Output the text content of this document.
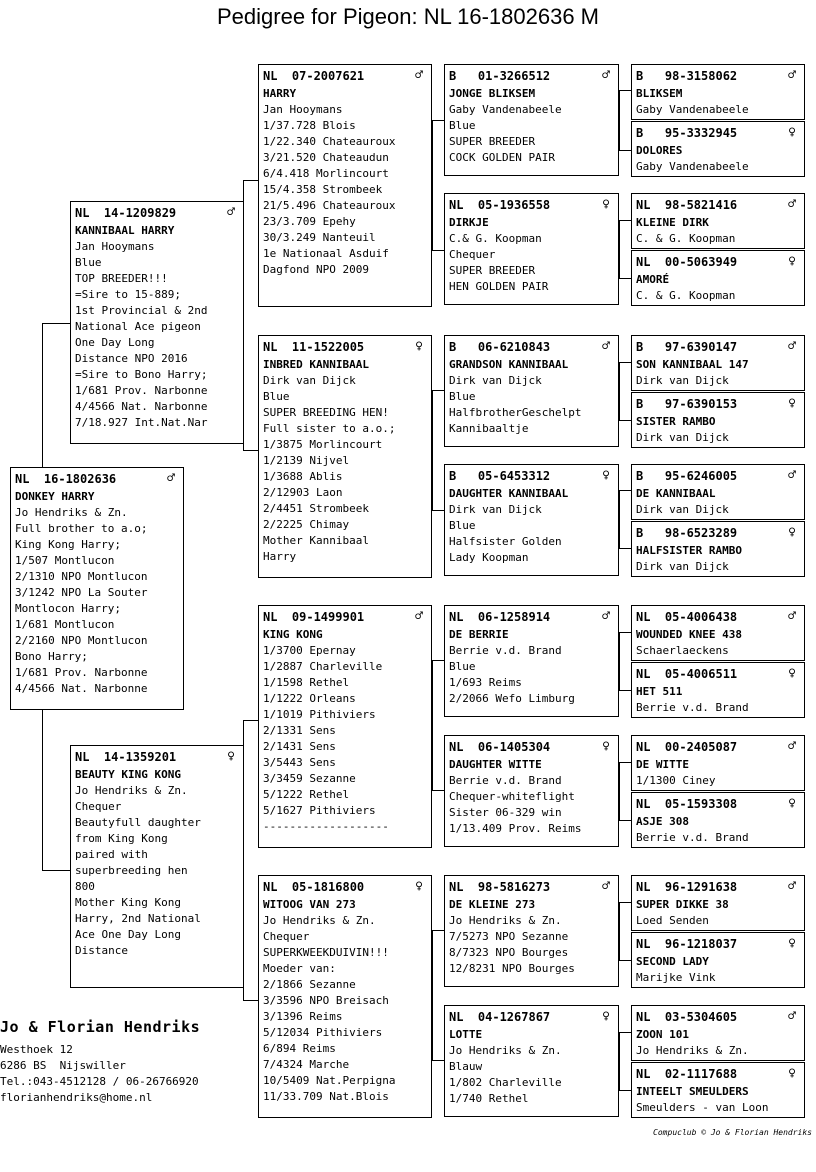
Pedigree for Pigeon: NL 16-1802636 M
NL  16-1802636	♂
DONKEY HARRY
Jo Hendriks & Zn.
Full brother to a.o;
King Kong Harry;
1/507 Montlucon
2/1310 NPO Montlucon
3/1242 NPO La Souter
Montlocon Harry;
1/681 Montlucon
2/2160 NPO Montlucon
Bono Harry;
1/681 Prov. Narbonne
4/4566 Nat. Narbonne
NL  14-1209829	♂
KANNIBAAL HARRY
Jan Hooymans
Blue
TOP BREEDER!!!
=Sire to 15-889;
1st Provincial & 2nd
National Ace pigeon
One Day Long
Distance NPO 2016
=Sire to Bono Harry;
1/681 Prov. Narbonne
4/4566 Nat. Narbonne
7/18.927 Int.Nat.Nar
NL  14-1359201	♀
BEAUTY KING KONG
Jo Hendriks & Zn.
Chequer
Beautyfull daughter
from King Kong
paired with
superbreeding hen
800
Mother King Kong
Harry, 2nd National
Ace One Day Long
Distance
NL  07-2007621	♂
HARRY
Jan Hooymans
1/37.728 Blois
1/22.340 Chateauroux
3/21.520 Chateaudun
6/4.418 Morlincourt
15/4.358 Strombeek
21/5.496 Chateauroux
23/3.709 Epehy
30/3.249 Nanteuil
1e Nationaal Asduif
Dagfond NPO 2009
NL  11-1522005	♀
INBRED KANNIBAAL
Dirk van Dijck
Blue
SUPER BREEDING HEN!
Full sister to a.o.;
1/3875 Morlincourt
1/2139 Nijvel
1/3688 Ablis
2/12903 Laon
2/4451 Strombeek
2/2225 Chimay
Mother Kannibaal
Harry
NL  09-1499901	♂
KING KONG
1/3700 Epernay
1/2887 Charleville
1/1598 Rethel
1/1222 Orleans
1/1019 Pithiviers
2/1331 Sens
2/1431 Sens
3/5443 Sens
3/3459 Sezanne
5/1222 Rethel
5/1627 Pithiviers
-------------------
NL  05-1816800	♀
WITOOG VAN 273
Jo Hendriks & Zn.
Chequer
SUPERKWEEKDUIVIN!!!
Moeder van:
2/1866 Sezanne
3/3596 NPO Breisach
3/1396 Reims
5/12034 Pithiviers
6/894 Reims
7/4324 Marche
10/5409 Nat.Perpigna
11/33.709 Nat.Blois
B   01-3266512	♂
JONGE BLIKSEM
Gaby Vandenabeele
Blue
SUPER BREEDER
COCK GOLDEN PAIR
NL  05-1936558	♀
DIRKJE
C.& G. Koopman
Chequer
SUPER BREEDER
HEN GOLDEN PAIR
B   06-6210843	♂
GRANDSON KANNIBAAL
Dirk van Dijck
Blue
HalfbrotherGeschelpt
Kannibaaltje
B   05-6453312	♀
DAUGHTER KANNIBAAL
Dirk van Dijck
Blue
Halfsister Golden
Lady Koopman
NL  06-1258914	♂
DE BERRIE
Berrie v.d. Brand
Blue
1/693 Reims
2/2066 Wefo Limburg
NL  06-1405304	♀
DAUGHTER WITTE
Berrie v.d. Brand
Chequer-whiteflight
Sister 06-329 win
1/13.409 Prov. Reims
NL  98-5816273	♂
DE KLEINE 273
Jo Hendriks & Zn.
7/5273 NPO Sezanne
8/7323 NPO Bourges
12/8231 NPO Bourges
NL  04-1267867	♀
LOTTE
Jo Hendriks & Zn.
Blauw
1/802 Charleville
1/740 Rethel
B   98-3158062	♂
BLIKSEM
Gaby Vandenabeele
B   95-3332945	♀
DOLORES
Gaby Vandenabeele
NL  98-5821416	♂
KLEINE DIRK
C. & G. Koopman
NL  00-5063949	♀
AMORÉ
C. & G. Koopman
B   97-6390147	♂
SON KANNIBAAL 147
Dirk van Dijck
B   97-6390153	♀
SISTER RAMBO
Dirk van Dijck
B   95-6246005	♂
DE KANNIBAAL
Dirk van Dijck
B   98-6523289	♀
HALFSISTER RAMBO
Dirk van Dijck
NL  05-4006438	♂
WOUNDED KNEE 438
Schaerlaeckens
NL  05-4006511	♀
HET 511
Berrie v.d. Brand
NL  00-2405087	♂
DE WITTE
1/1300 Ciney
NL  05-1593308	♀
ASJE 308
Berrie v.d. Brand
NL  96-1291638	♂
SUPER DIKKE 38
Loed Senden
NL  96-1218037	♀
SECOND LADY
Marijke Vink
NL  03-5304605	♂
ZOON 101
Jo Hendriks & Zn.
NL  02-1117688	♀
INTEELT SMEULDERS
Smeulders - van Loon
Jo & Florian Hendriks
Westhoek 12
6286 BS  Nijswiller
Tel.:043-4512128 / 06-26766920
florianhendriks@home.nl
Compuclub © Jo & Florian Hendriks
